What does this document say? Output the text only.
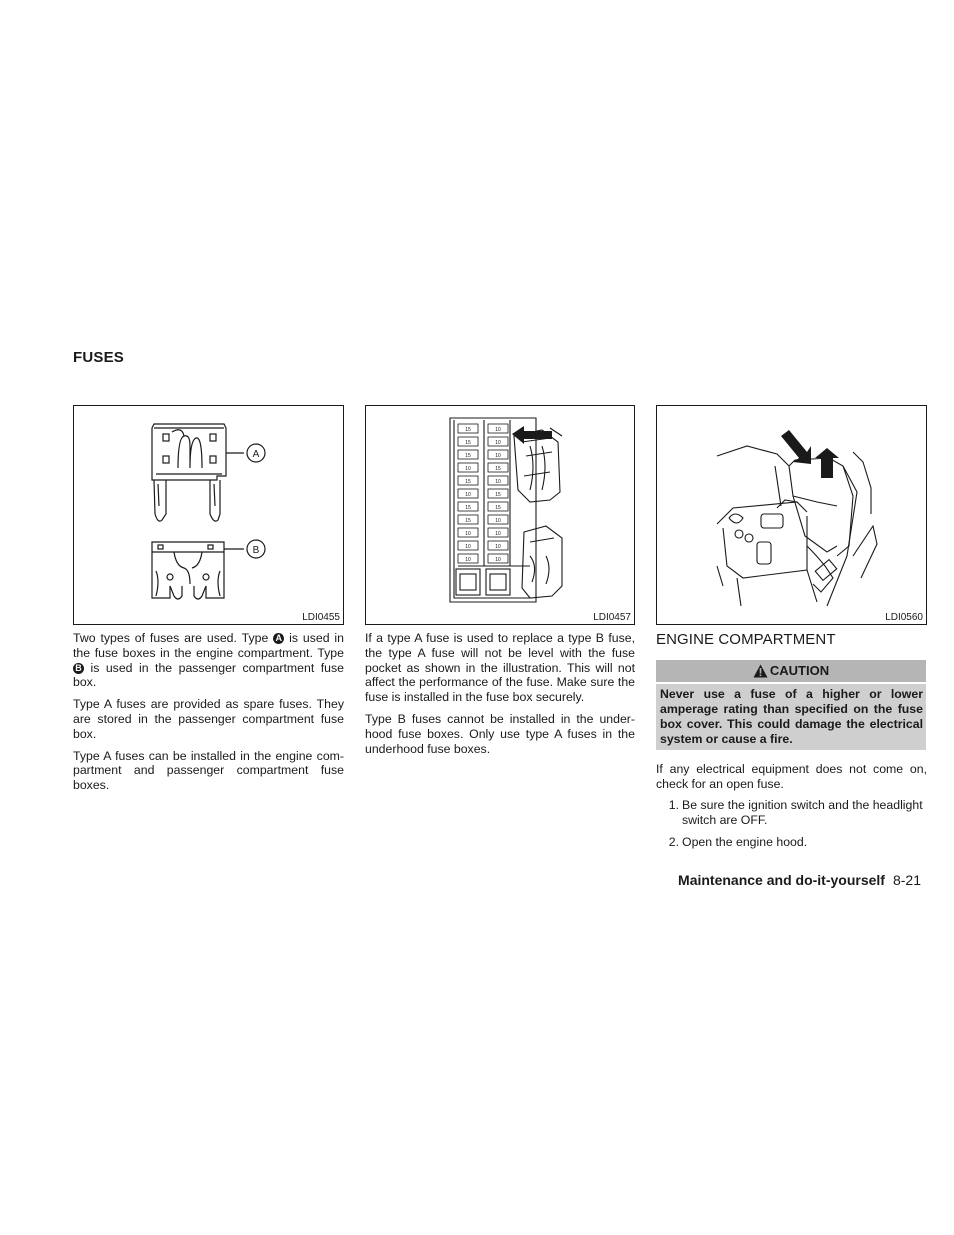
FUSES
A
B
LDI0455
15
15
15
10
15
10
15
15
10
10
10
10
10
10
15
10
15
15
10
10
10
10
LDI0457	LDI0560

Two types of fuses are used. Type A is used in the fuse boxes in the engine compartment. Type B is used in the passenger compartment fuse box.

Type A fuses are provided as spare fuses. They are stored in the passenger compartment fuse box.

Type A fuses can be installed in the engine com-partment and passenger compartment fuse boxes.

If a type A fuse is used to replace a type B fuse, the type A fuse will not be level with the fuse pocket as shown in the illustration. This will not affect the performance of the fuse. Make sure the fuse is installed in the fuse box securely.

Type B fuses cannot be installed in the under-hood fuse boxes. Only use type A fuses in the underhood fuse boxes.

ENGINE COMPARTMENT
CAUTION
Never use a fuse of a higher or lower amperage rating than specified on the fuse box cover. This could damage the electrical system or cause a fire.

If any electrical equipment does not come on, check for an open fuse.

1. Be sure the ignition switch and the headlight switch are OFF.
2. Open the engine hood.
Maintenance and do-it-yourself 8-21
